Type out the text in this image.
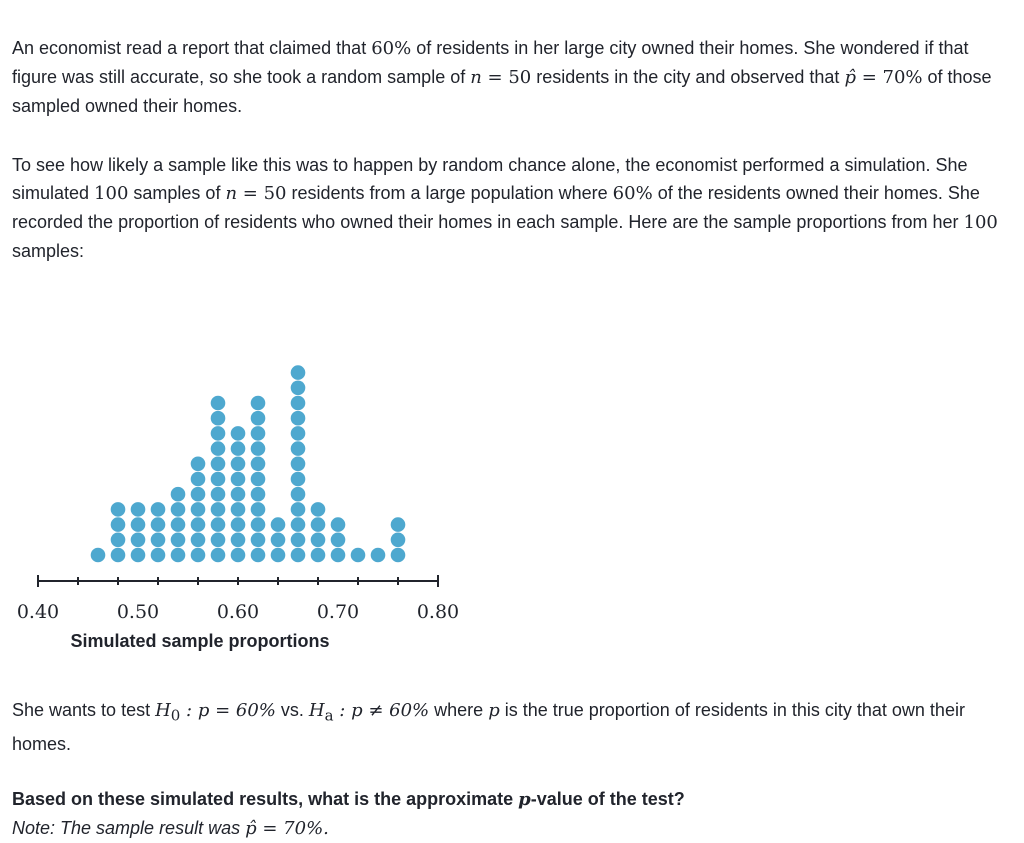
An economist read a report that claimed that 60% of residents in her large city owned their homes. She wondered if that figure was still accurate, so she took a random sample of n = 50 residents in the city and observed that p̂ = 70% of those sampled owned their homes.

To see how likely a sample like this was to happen by random chance alone, the economist performed a simulation. She simulated 100 samples of n = 50 residents from a large population where 60% of the residents owned their homes. She recorded the proportion of residents who owned their homes in each sample. Here are the sample proportions from her 100 samples:

0.40	0.50	0.60	0.70	0.80
Simulated sample proportions

She wants to test $H_0$ : p = 60% vs. $H_a$ : p ≠ 60% where p is the true proportion of residents in this city that own their homes.

Based on these simulated results, what is the approximate p-value of the test?
Note: The sample result was p̂ = 70%.
